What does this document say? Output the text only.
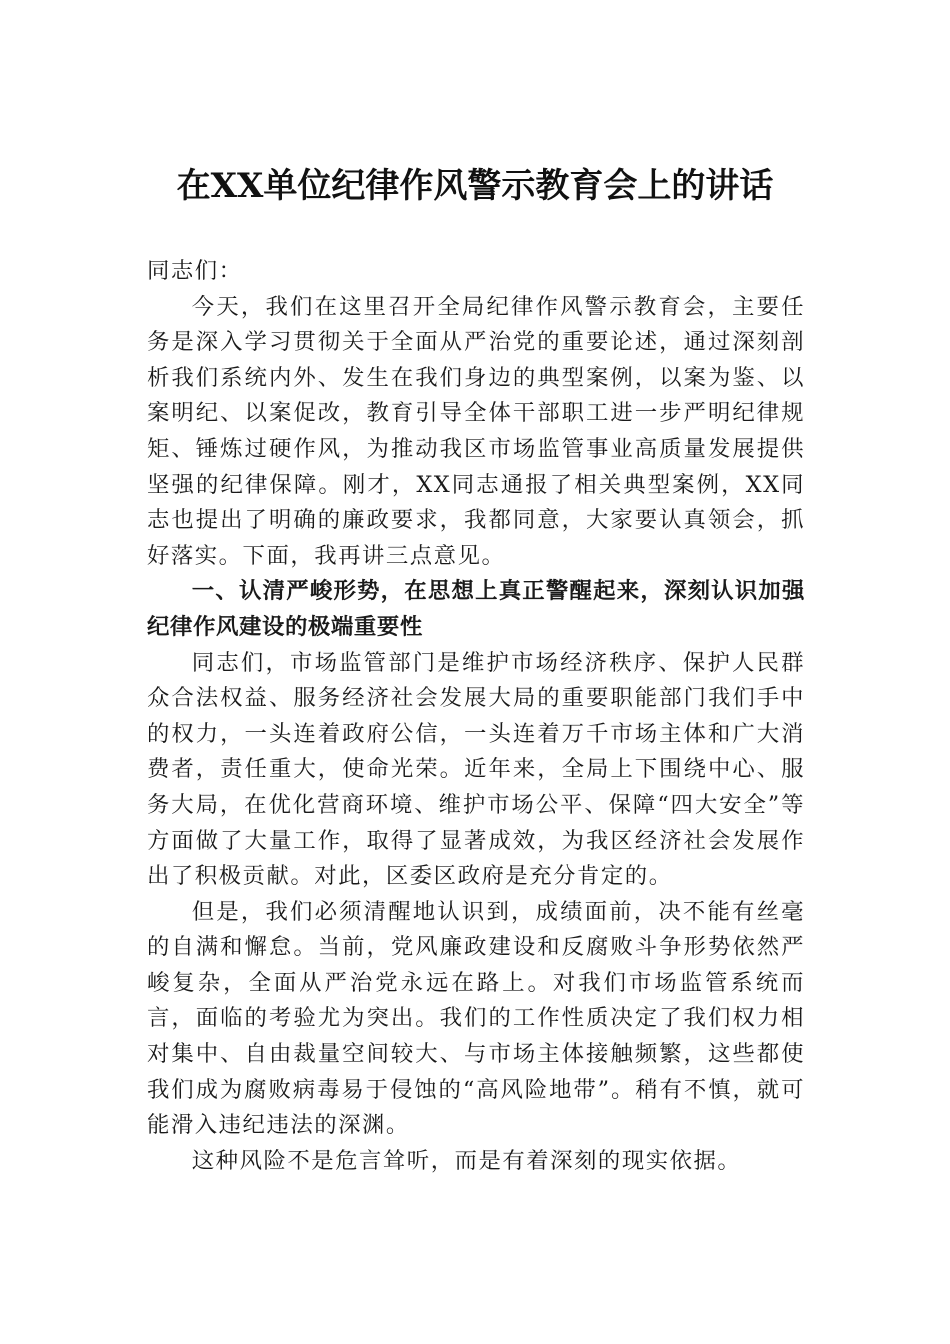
在XX单位纪律作风警示教育会上的讲话

同志们：

今天，我们在这里召开全局纪律作风警示教育会，主要任务是深入学习贯彻关于全面从严治党的重要论述，通过深刻剖析我们系统内外、发生在我们身边的典型案例，以案为鉴、以案明纪、以案促改，教育引导全体干部职工进一步严明纪律规矩、锤炼过硬作风，为推动我区市场监管事业高质量发展提供坚强的纪律保障。刚才，XX同志通报了相关典型案例，XX同志也提出了明确的廉政要求，我都同意，大家要认真领会，抓好落实。下面，我再讲三点意见。

一、认清严峻形势，在思想上真正警醒起来，深刻认识加强纪律作风建设的极端重要性

同志们，市场监管部门是维护市场经济秩序、保护人民群众合法权益、服务经济社会发展大局的重要职能部门我们手中的权力，一头连着政府公信，一头连着万千市场主体和广大消费者，责任重大，使命光荣。近年来，全局上下围绕中心、服务大局，在优化营商环境、维护市场公平、保障“四大安全”等方面做了大量工作，取得了显著成效，为我区经济社会发展作出了积极贡献。对此，区委区政府是充分肯定的。

但是，我们必须清醒地认识到，成绩面前，决不能有丝毫的自满和懈怠。当前，党风廉政建设和反腐败斗争形势依然严峻复杂，全面从严治党永远在路上。对我们市场监管系统而言，面临的考验尤为突出。我们的工作性质决定了我们权力相对集中、自由裁量空间较大、与市场主体接触频繁，这些都使我们成为腐败病毒易于侵蚀的“高风险地带”。稍有不慎，就可能滑入违纪违法的深渊。

这种风险不是危言耸听，而是有着深刻的现实依据。
